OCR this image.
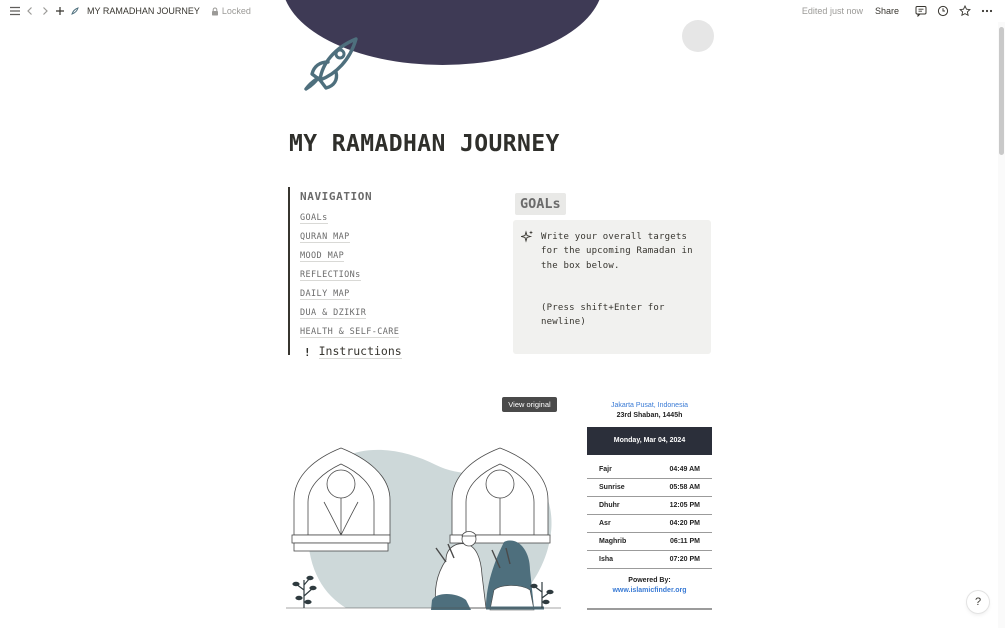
MY RAMADHAN JOURNEY Locked	Edited just now Share
MY RAMADHAN JOURNEY
NAVIGATION
GOALs
QURAN MAP
MOOD MAP
REFLECTIONs
DAILY MAP
DUA & DZIKIR
HEALTH & SELF-CARE
! Instructions
GOALs
Write your overall targets for the upcoming Ramadan in the box below.
(Press shift+Enter for newline)
View original	Jakarta Pusat, Indonesia
23rd Shaban, 1445h
Monday, Mar 04, 2024
Fajr	04:49 AM
Sunrise	05:58 AM
Dhuhr	12:05 PM
Asr	04:20 PM
Maghrib	06:11 PM
Isha	07:20 PM
Powered By:
www.islamicfinder.org
?
